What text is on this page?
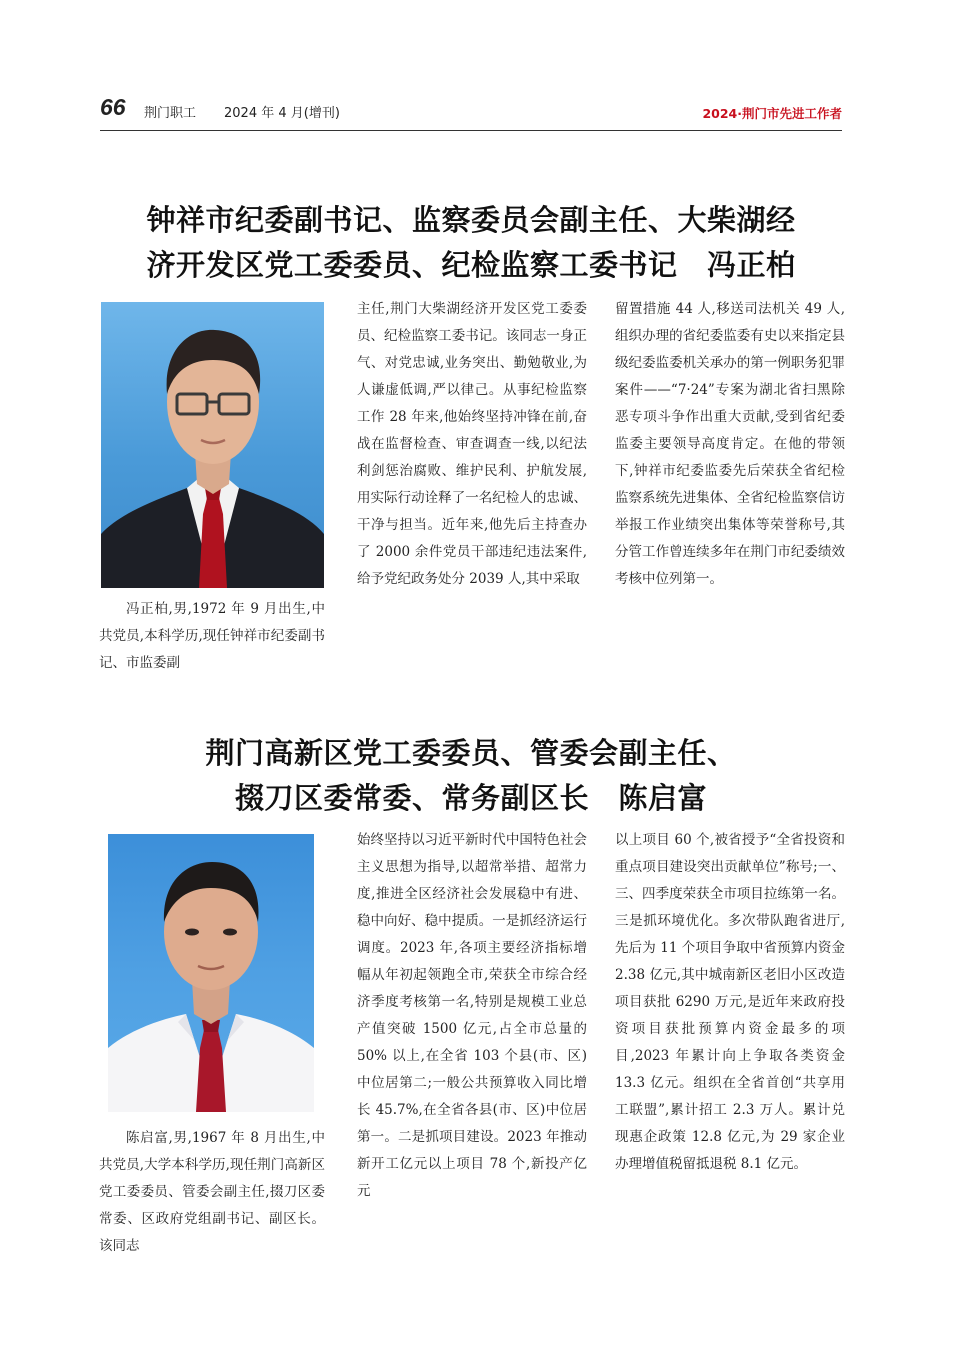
66 荆门职工 2024 年 4 月(增刊)	2024·荆门市先进工作者
钟祥市纪委副书记、监察委员会副主任、大柴湖经
济开发区党工委委员、纪检监察工委书记　冯正柏

冯正柏,男,1972 年 9 月出生,中共党员,本科学历,现任钟祥市纪委副书记、市监委副

主任,荆门大柴湖经济开发区党工委委员、纪检监察工委书记。该同志一身正气、对党忠诚,业务突出、勤勉敬业,为人谦虚低调,严以律己。从事纪检监察工作 28 年来,他始终坚持冲锋在前,奋战在监督检查、审查调查一线,以纪法利剑惩治腐败、维护民利、护航发展,用实际行动诠释了一名纪检人的忠诚、干净与担当。近年来,他先后主持查办了 2000 余件党员干部违纪违法案件,给予党纪政务处分 2039 人,其中采取

留置措施 44 人,移送司法机关 49 人,组织办理的省纪委监委有史以来指定县级纪委监委机关承办的第一例职务犯罪案件——“7·24”专案为湖北省扫黑除恶专项斗争作出重大贡献,受到省纪委监委主要领导高度肯定。在他的带领下,钟祥市纪委监委先后荣获全省纪检监察系统先进集体、全省纪检监察信访举报工作业绩突出集体等荣誉称号,其分管工作曾连续多年在荆门市纪委绩效考核中位列第一。

荆门高新区党工委委员、管委会副主任、
掇刀区委常委、常务副区长　陈启富

陈启富,男,1967 年 8 月出生,中共党员,大学本科学历,现任荆门高新区党工委委员、管委会副主任,掇刀区委常委、区政府党组副书记、副区长。该同志

始终坚持以习近平新时代中国特色社会主义思想为指导,以超常举措、超常力度,推进全区经济社会发展稳中有进、稳中向好、稳中提质。一是抓经济运行调度。2023 年,各项主要经济指标增幅从年初起领跑全市,荣获全市综合经济季度考核第一名,特别是规模工业总产值突破 1500 亿元,占全市总量的 50% 以上,在全省 103 个县(市、区)中位居第二;一般公共预算收入同比增长 45.7%,在全省各县(市、区)中位居第一。二是抓项目建设。2023 年推动新开工亿元以上项目 78 个,新投产亿元

以上项目 60 个,被省授予“全省投资和重点项目建设突出贡献单位”称号;一、三、四季度荣获全市项目拉练第一名。三是抓环境优化。多次带队跑省进厅,先后为 11 个项目争取中省预算内资金 2.38 亿元,其中城南新区老旧小区改造项目获批 6290 万元,是近年来政府投资项目获批预算内资金最多的项目,2023 年累计向上争取各类资金 13.3 亿元。组织在全省首创“共享用工联盟”,累计招工 2.3 万人。累计兑现惠企政策 12.8 亿元,为 29 家企业办理增值税留抵退税 8.1 亿元。
